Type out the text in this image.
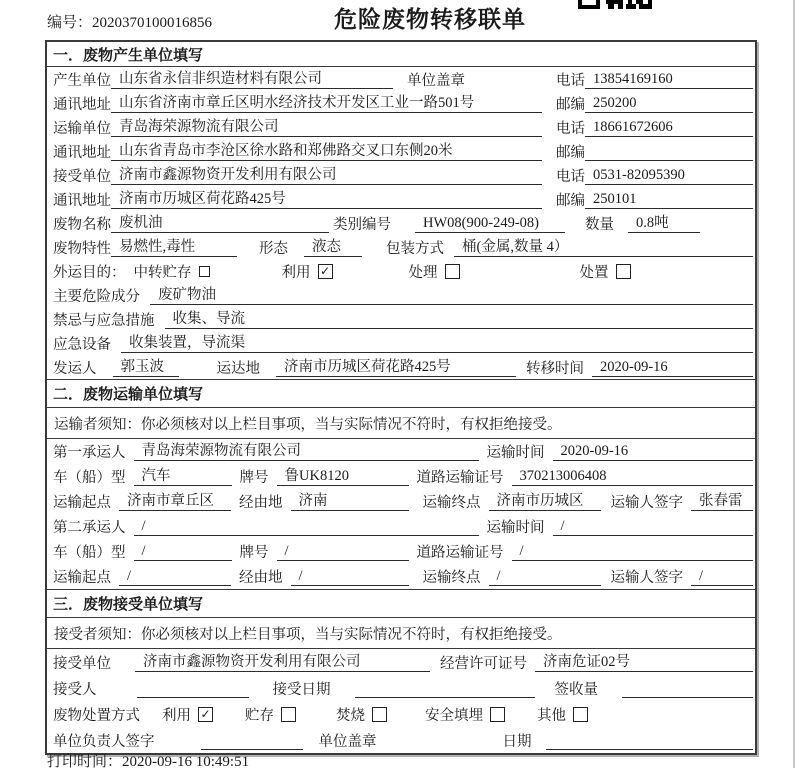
编号：2020370100016856	危险废物转移联单
一．废物产生单位填写
产生单位 山东省永信非织造材料有限公司	单位盖章	电话 13854169160
通讯地址 山东省济南市章丘区明水经济技术开发区工业一路501号	邮编 250200
运输单位 青岛海荣源物流有限公司	电话 18661672606
通讯地址 山东省青岛市李沧区徐水路和郑佛路交叉口东侧20米	邮编
接受单位 济南市鑫源物资开发利用有限公司	电话 0531-82095390
通讯地址 济南市历城区荷花路425号	邮编 250101
废物名称 废机油	类别编号	HW08(900-249-08)	数量	0.8吨
废物特性 易燃性,毒性	形态	液态	包装方式	桶(金属,数量 4）
外运目的： 中转贮存	利用 ✓	处理	处置
主要危险成分	废矿物油
禁忌与应急措施	收集、导流
应急设备	收集装置，导流渠
发运人	郭玉波	运达地	济南市历城区荷花路425号	转移时间	2020-09-16
二．废物运输单位填写
运输者须知：你必须核对以上栏目事项，当与实际情况不符时，有权拒绝接受。
第一承运人	青岛海荣源物流有限公司	运输时间	2020-09-16
车（船）型	汽车	牌号	鲁UK8120	道路运输证号	370213006408
运输起点	济南市章丘区	经由地	济南	运输终点	济南市历城区	运输人签字	张春雷
第二承运人	/	运输时间	/
车（船）型	/	牌号	/	道路运输证号	/
运输起点	/	经由地	/	运输终点	/	运输人签字	/
三．废物接受单位填写
接受者须知：你必须核对以上栏目事项，当与实际情况不符时，有权拒绝接受。
接受单位	济南市鑫源物资开发利用有限公司	经营许可证号	济南危证02号
接受人	接受日期	签收量
废物处置方式 利用 ✓ 贮存	焚烧	安全填埋	其他
单位负责人签字	单位盖章	日期
打印时间：2020-09-16 10:49:51
